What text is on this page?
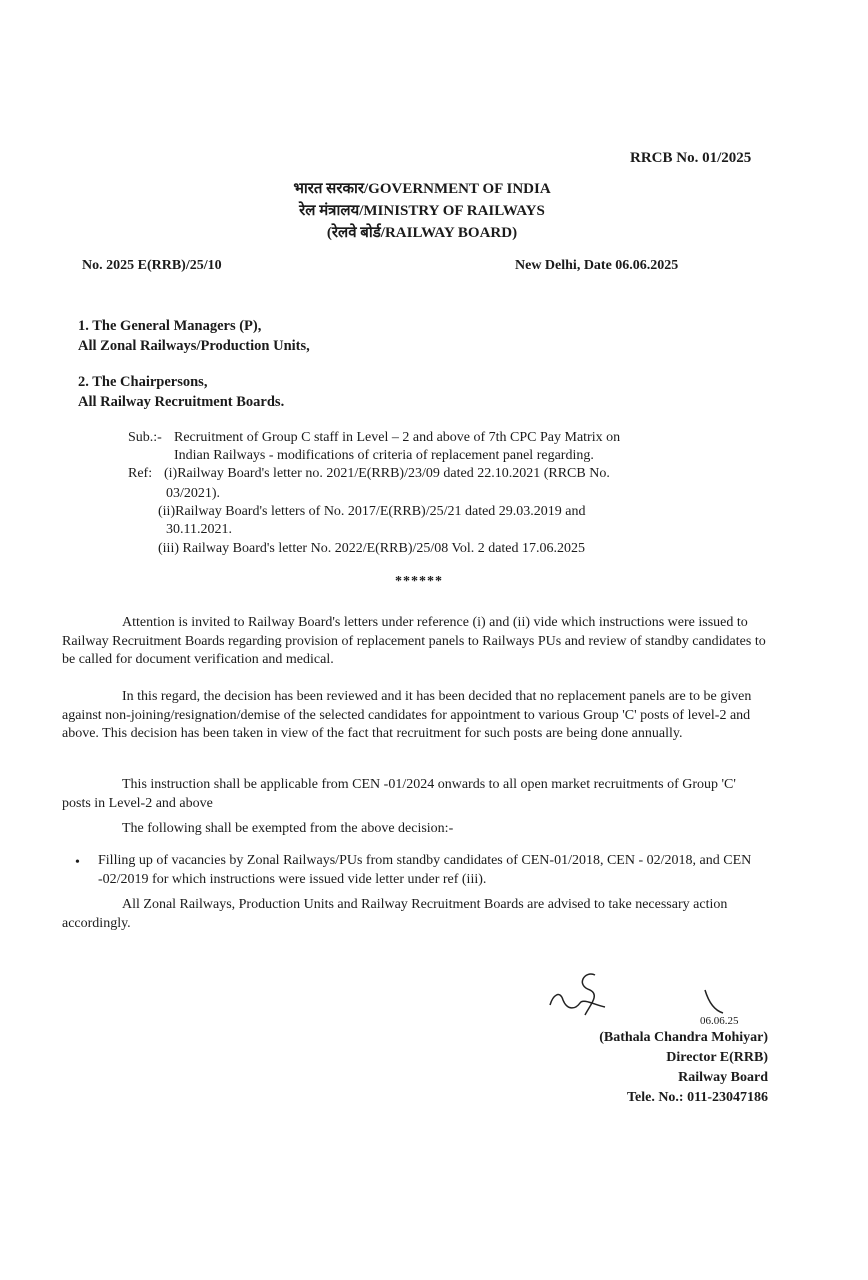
RRCB No. 01/2025
भारत सरकार/GOVERNMENT OF INDIA
रेल मंत्रालय/MINISTRY OF RAILWAYS
(रेलवे बोर्ड/RAILWAY BOARD)
No. 2025 E(RRB)/25/10	New Delhi, Date 06.06.2025
1. The General Managers (P),
All Zonal Railways/Production Units,
2. The Chairpersons,
All Railway Recruitment Boards.
Sub.:- Recruitment of Group C staff in Level – 2 and above of 7th CPC Pay Matrix on
Indian Railways - modifications of criteria of replacement panel regarding.
Ref: (i)Railway Board's letter no. 2021/E(RRB)/23/09 dated 22.10.2021 (RRCB No.
03/2021).
(ii)Railway Board's letters of No. 2017/E(RRB)/25/21 dated 29.03.2019 and
30.11.2021.
(iii) Railway Board's letter No. 2022/E(RRB)/25/08 Vol. 2 dated 17.06.2025
******
Attention is invited to Railway Board's letters under reference (i) and (ii) vide which instructions were issued to Railway Recruitment Boards regarding provision of replacement panels to Railways PUs and review of standby candidates to be called for document verification and medical.
In this regard, the decision has been reviewed and it has been decided that no replacement panels are to be given against non-joining/resignation/demise of the selected candidates for appointment to various Group 'C' posts of level-2 and above. This decision has been taken in view of the fact that recruitment for such posts are being done annually.
This instruction shall be applicable from CEN -01/2024 onwards to all open market recruitments of Group 'C' posts in Level-2 and above
The following shall be exempted from the above decision:-
• Filling up of vacancies by Zonal Railways/PUs from standby candidates of CEN-01/2018, CEN - 02/2018, and CEN -02/2019 for which instructions were issued vide letter under ref (iii).
All Zonal Railways, Production Units and Railway Recruitment Boards are advised to take necessary action accordingly.
06.06.25
(Bathala Chandra Mohiyar)
Director E(RRB)
Railway Board
Tele. No.: 011-23047186
